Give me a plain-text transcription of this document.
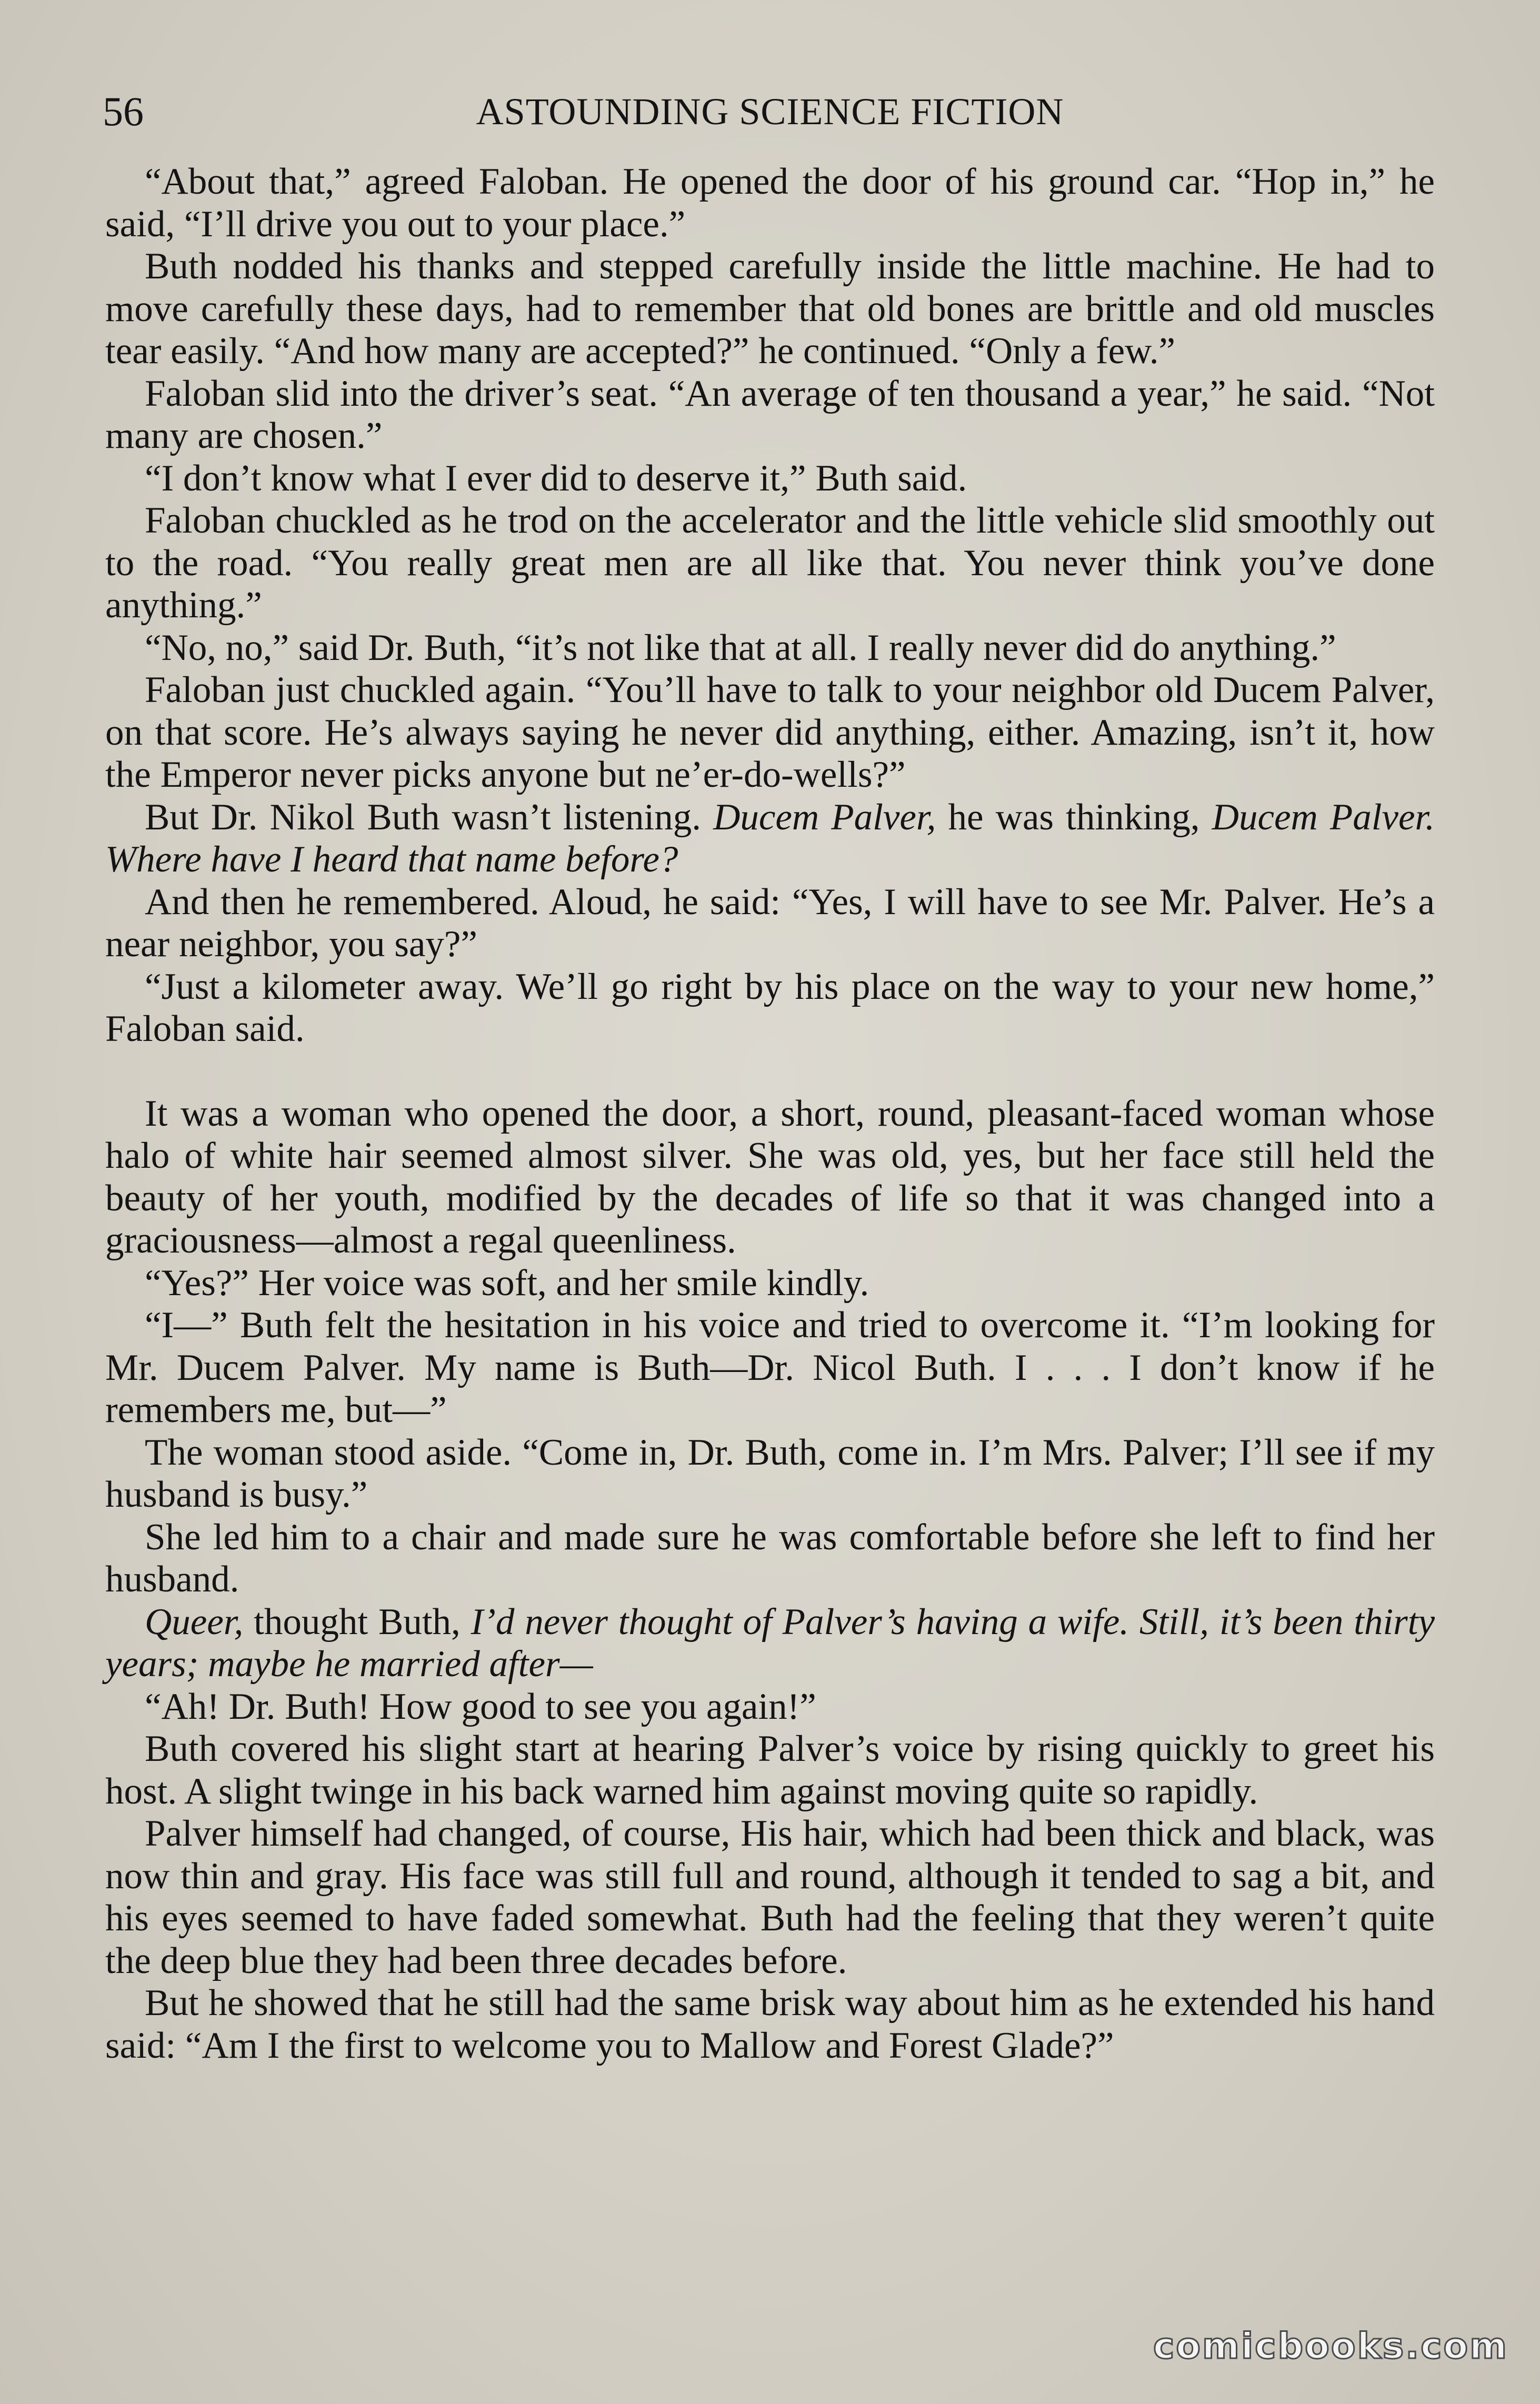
56	ASTOUNDING SCIENCE FICTION

“About that,” agreed Faloban. He opened the door of his ground car. “Hop in,” he said, “I’ll drive you out to your place.”

Buth nodded his thanks and stepped carefully inside the little machine. He had to move carefully these days, had to remember that old bones are brittle and old muscles tear easily. “And how many are accepted?” he continued. “Only a few.”

Faloban slid into the driver’s seat. “An average of ten thousand a year,” he said. “Not many are chosen.”

“I don’t know what I ever did to deserve it,” Buth said.

Faloban chuckled as he trod on the accelerator and the little vehicle slid smoothly out to the road. “You really great men are all like that. You never think you’ve done anything.”

“No, no,” said Dr. Buth, “it’s not like that at all. I really never did do anything.”

Faloban just chuckled again. “You’ll have to talk to your neighbor old Ducem Palver, on that score. He’s always saying he never did anything, either. Amazing, isn’t it, how the Emperor never picks anyone but ne’er-do-wells?”

But Dr. Nikol Buth wasn’t listening. Ducem Palver, he was thinking, Ducem Palver. Where have I heard that name before?

And then he remembered. Aloud, he said: “Yes, I will have to see Mr. Palver. He’s a near neighbor, you say?”

“Just a kilometer away. We’ll go right by his place on the way to your new home,” Faloban said.

It was a woman who opened the door, a short, round, pleasant-faced woman whose halo of white hair seemed almost silver. She was old, yes, but her face still held the beauty of her youth, modified by the decades of life so that it was changed into a graciousness—almost a regal queenliness.

“Yes?” Her voice was soft, and her smile kindly.

“I—” Buth felt the hesitation in his voice and tried to overcome it. “I’m looking for Mr. Ducem Palver. My name is Buth—Dr. Nicol Buth. I . . . I don’t know if he remembers me, but—”

The woman stood aside. “Come in, Dr. Buth, come in. I’m Mrs. Palver; I’ll see if my husband is busy.”

She led him to a chair and made sure he was comfortable before she left to find her husband.

Queer, thought Buth, I’d never thought of Palver’s having a wife. Still, it’s been thirty years; maybe he married after—

“Ah! Dr. Buth! How good to see you again!”

Buth covered his slight start at hearing Palver’s voice by rising quickly to greet his host. A slight twinge in his back warned him against moving quite so rapidly.

Palver himself had changed, of course, His hair, which had been thick and black, was now thin and gray. His face was still full and round, although it tended to sag a bit, and his eyes seemed to have faded somewhat. Buth had the feeling that they weren’t quite the deep blue they had been three decades before.

But he showed that he still had the same brisk way about him as he extended his hand said: “Am I the first to welcome you to Mallow and Forest Glade?”

comicbooks.com
